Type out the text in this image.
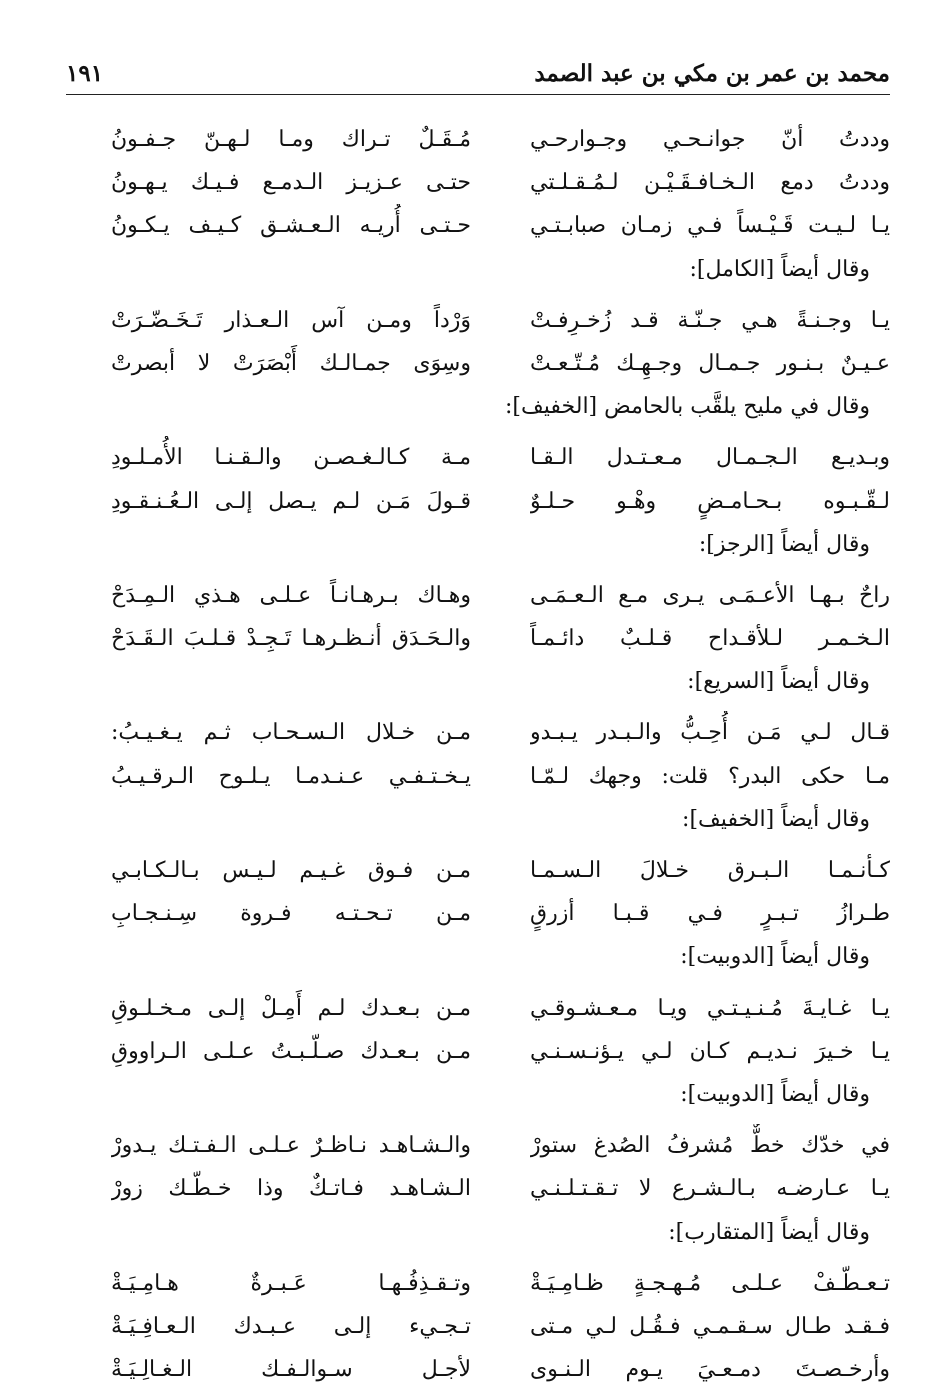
محمد بن عمر بن مكي بن عبد الصمد
١٩١
وددتُ أنّ جوانـحـي وجـوارحـي
مُـقَـلٌ تـراك ومـا لـهـنّ جـفـونُ
وددتُ دمع الـخـافـقَـيْـن لـمُـقـلـتي
حتـى عـزيـز الـدمـع فـيـك يـهـونُ
يـا لـيـت قَـيْـساً فـي زمـان صبابـتـي
حـتـى أُريـه الـعـشـق كـيـف يـكـونُ
وقال أيضاً [الكامل]:
يـا وجـنـةً هـي جـنّـة قـد زُخـرِفـتْ
وَرْداً ومـن آس الـعـذار تَـخَـضّـرَتْ
عـيـنٌ بـنـور جـمـال وجـهِـك مُـتّـعـتْ
وسِوَى جمـالـك أَبْصَرَتْ لا أبصرتْ
وقال في مليح يلقَّب بالحامض [الخفيف]:
وبـديـع الـجـمـال مـعـتـدل الـقـا
مـة كـالـغـصـن والـقـنـا الأُمـلـودِ
لـقّـبـوه بـحـامـضٍ وهْـو حـلـوٌ
قـولَ مَـن لـم يـصل إلـى الـعُـنـقـودِ
وقال أيضاً [الرجز]:
راحٌ بـهـا الأعـمَـى يـرى مـع الـعـمَـى
وهـاك بـرهـانـاً عـلـى هـذي الـمِـدَحْ
الـخـمـر لـلأقـداح قـلـبٌ دائـمـاً
والـحَـدَق أنـظـرهـا تَـجِـدْ قـلـبَ الـقَـدَحْ
وقال أيضاً [السريع]:
قـال لـي مَـن أُحِـبُّ والـبـدر يـبـدو
مـن خـلال الـسـحـاب ثـم يـغـيـبُ:
مـا حكى البدر؟ قلت: وجهك لـمّـا
يـخـتـفـي عـنـدمـا يـلـوح الـرقـيـبُ
وقال أيضاً [الخفيف]:
كـأنـمـا الـبـرق خـلالَ الـسـمـا
مـن فـوق غـيـم لـيـس بـالـكـابـي
طـرازُ تـبـرٍ فـي قـبـا أزرقٍ
مـن تـحـتـه فـروة سِـنـجـابِ
وقال أيضاً [الدوبيت]:
يـا غـايـةَ مُـنـيـتـي ويـا مـعـشـوقـي
مـن بـعـدك لـم أَمِـلْ إلـى مـخـلـوقِ
يـا خـيرَ نـديـم كـان لـي يـؤنـسـنـي
مـن بـعـدك صـلّـبـتُ عـلـى الـراووقِ
وقال أيضاً [الدوبيت]:
في خدّك خطٌّ مُشرفُ الصُدغ ستورْ
والـشـاهـد نـاظـرٌ عـلـى الـفـتـك يـدورْ
يـا عـارضـه بـالـشـرع لا تـقـتـلـنـي
الـشـاهـد فـاتـكٌ وذا خـطّـك زورْ
وقال أيضاً [المتقارب]:
تـعـطّـفْ عـلـى مُـهـجـةٍ ظـامِـيَـةْ
وتـقـذِفُـهـا عَـبـرةٌ هـامِـيَـةْ
فـقـد طـال سـقـمـي فـقُـل لـي مـتى
تـجـيء إلـى عـبـدك الـعـافِـيَـةْ
وأرخـصـتَ دمـعـيَ يـوم الـنـوى
لأجـل سـوالـفـك الـغـالِـيَـةْ
